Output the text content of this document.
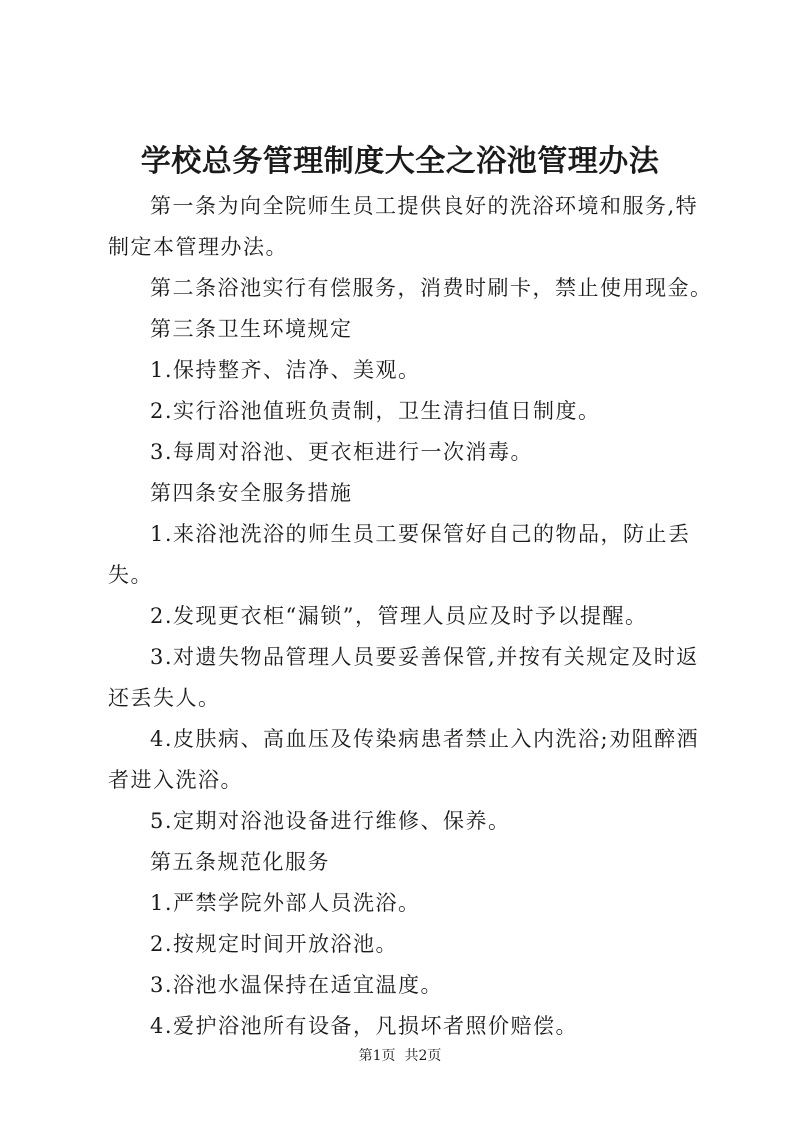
学校总务管理制度大全之浴池管理办法

第一条为向全院师生员工提供良好的洗浴环境和服务,特制定本管理办法。

第二条浴池实行有偿服务，消费时刷卡，禁止使用现金。

第三条卫生环境规定

1.保持整齐、洁净、美观。

2.实行浴池值班负责制，卫生清扫值日制度。

3.每周对浴池、更衣柜进行一次消毒。

第四条安全服务措施

1.来浴池洗浴的师生员工要保管好自己的物品，防止丢失。

2.发现更衣柜“漏锁”，管理人员应及时予以提醒。

3.对遗失物品管理人员要妥善保管,并按有关规定及时返还丢失人。

4.皮肤病、高血压及传染病患者禁止入内洗浴;劝阻醉酒者进入洗浴。

5.定期对浴池设备进行维修、保养。

第五条规范化服务

1.严禁学院外部人员洗浴。

2.按规定时间开放浴池。

3.浴池水温保持在适宜温度。

4.爱护浴池所有设备，凡损坏者照价赔偿。

第1页  共2页
